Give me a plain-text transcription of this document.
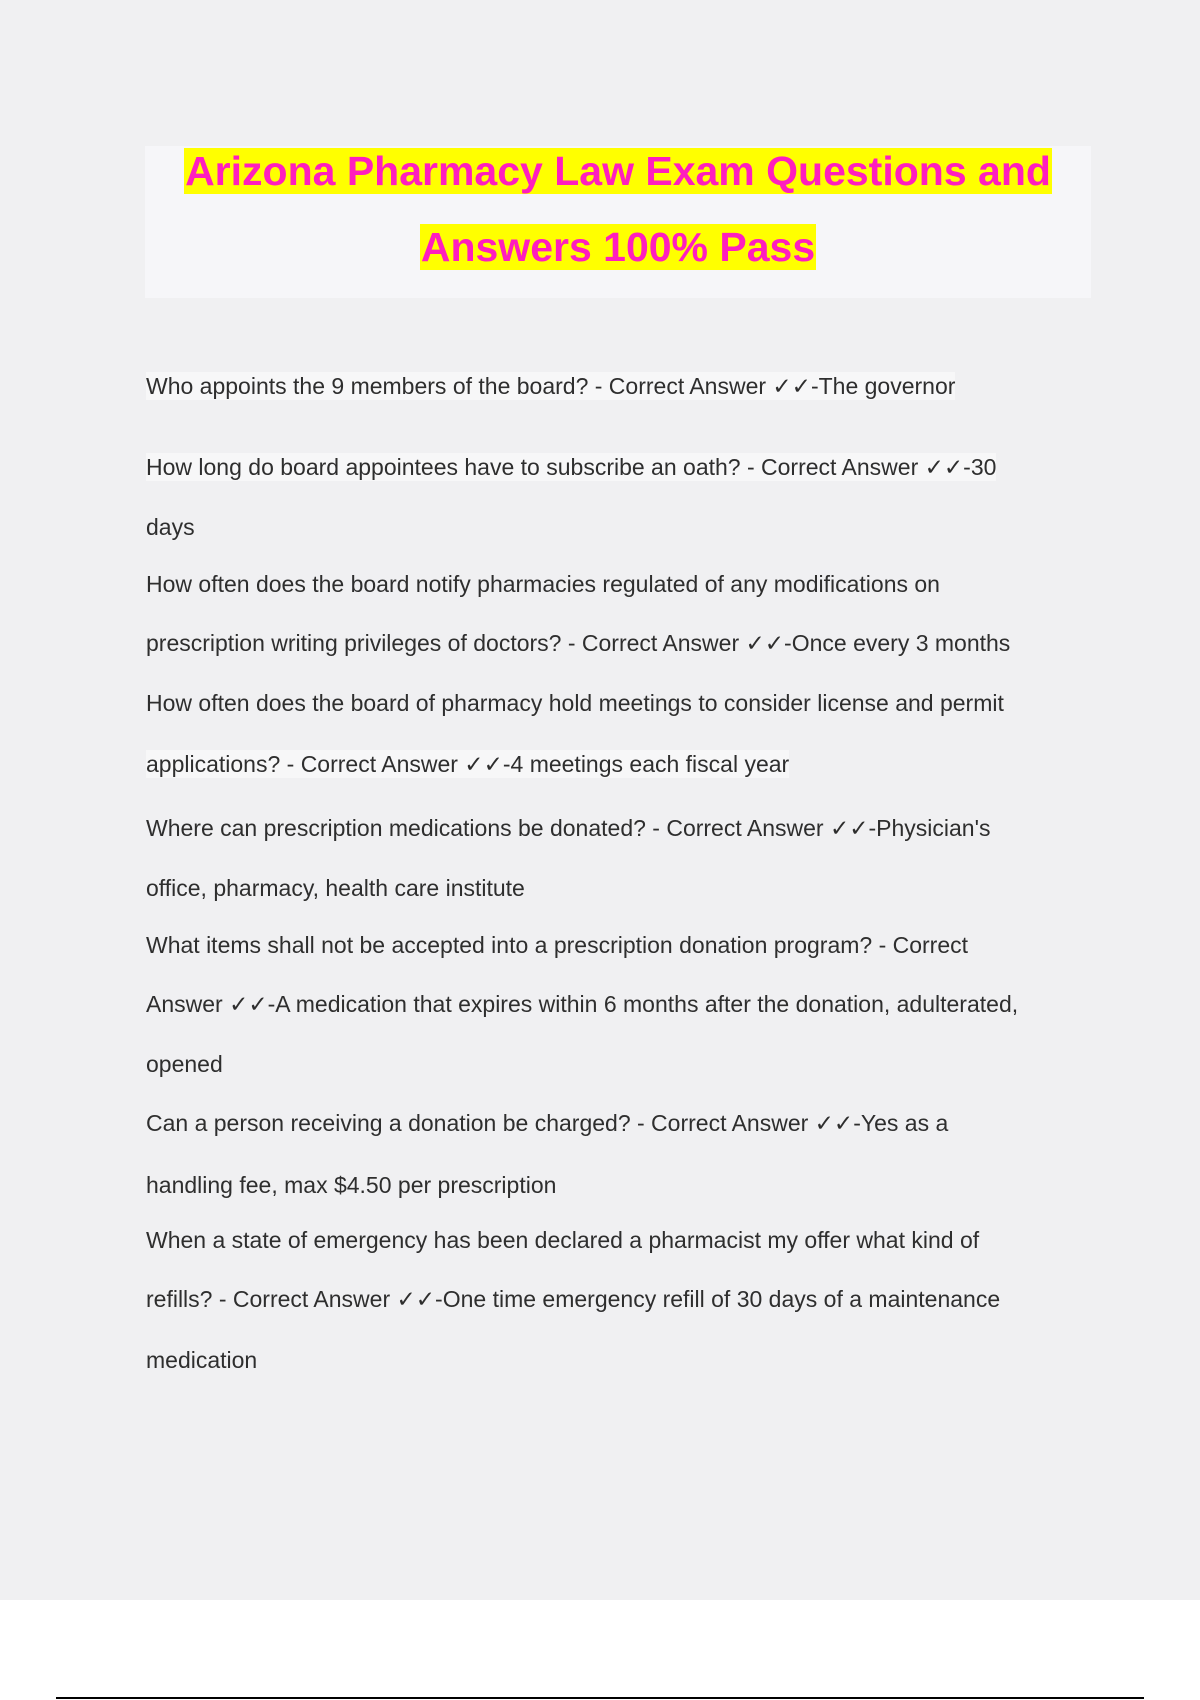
Arizona Pharmacy Law Exam Questions and
Answers 100% Pass
Who appoints the 9 members of the board? - Correct Answer ✓✓-The governor
How long do board appointees have to subscribe an oath? - Correct Answer ✓✓-30
days
How often does the board notify pharmacies regulated of any modifications on
prescription writing privileges of doctors? - Correct Answer ✓✓-Once every 3 months
How often does the board of pharmacy hold meetings to consider license and permit
applications? - Correct Answer ✓✓-4 meetings each fiscal year
Where can prescription medications be donated? - Correct Answer ✓✓-Physician's
office, pharmacy, health care institute
What items shall not be accepted into a prescription donation program? - Correct
Answer ✓✓-A medication that expires within 6 months after the donation, adulterated,
opened
Can a person receiving a donation be charged? - Correct Answer ✓✓-Yes as a
handling fee, max $4.50 per prescription
When a state of emergency has been declared a pharmacist my offer what kind of
refills? - Correct Answer ✓✓-One time emergency refill of 30 days of a maintenance
medication
